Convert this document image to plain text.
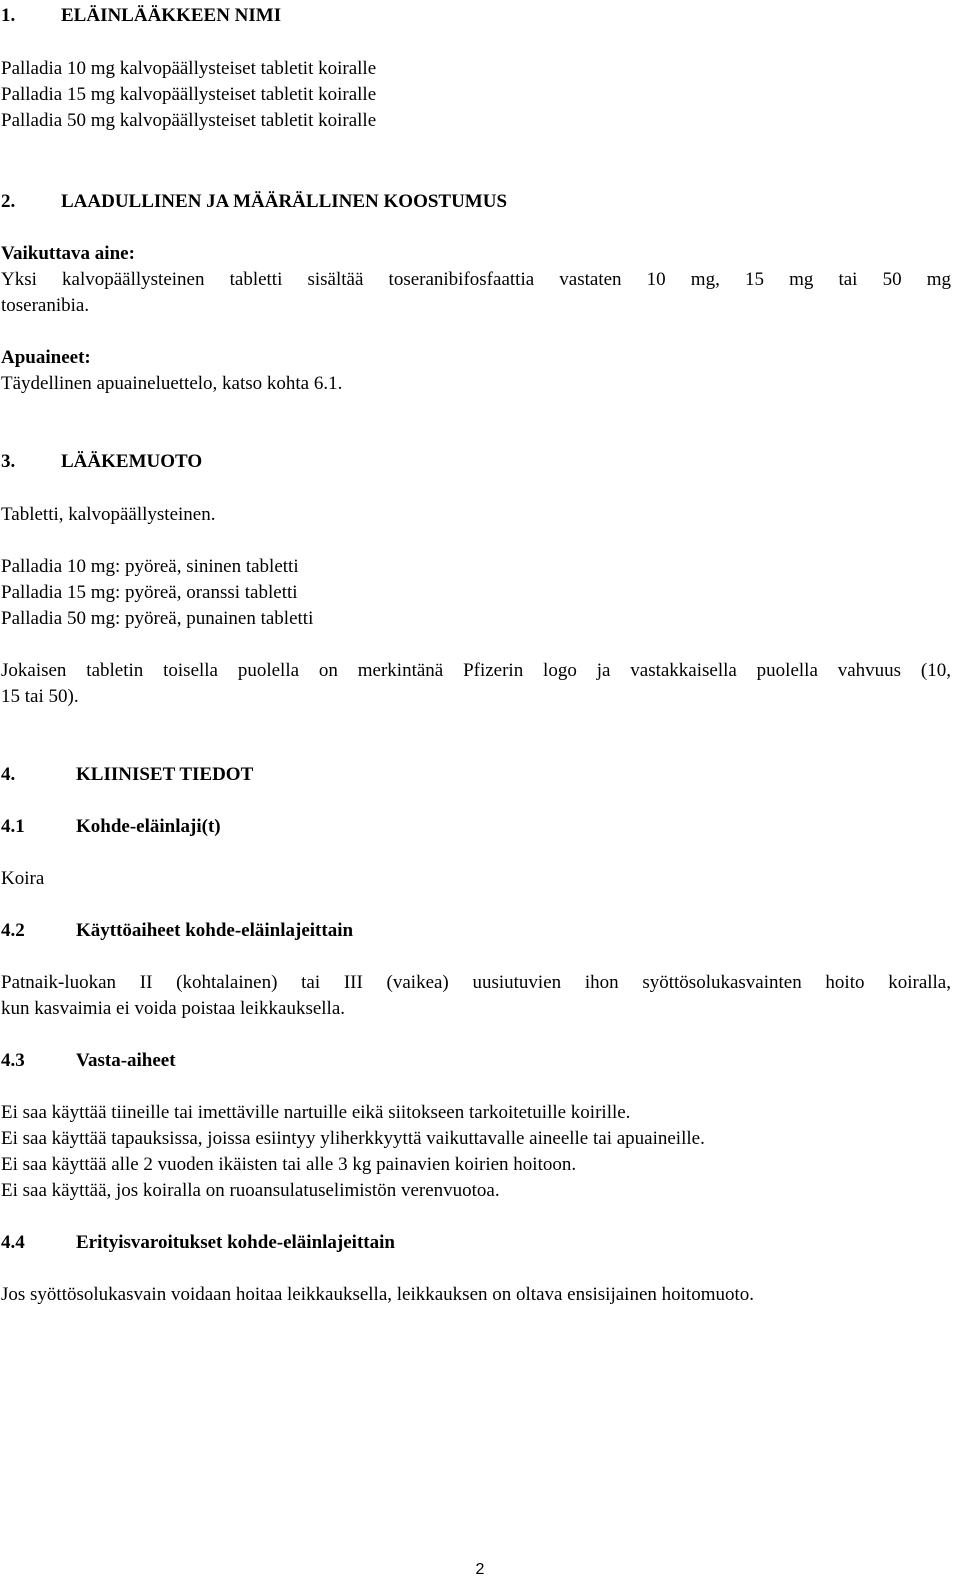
1.	ELÄINLÄÄKKEEN NIMI
Palladia 10 mg kalvopäällysteiset tabletit koiralle
Palladia 15 mg kalvopäällysteiset tabletit koiralle
Palladia 50 mg kalvopäällysteiset tabletit koiralle
2.	LAADULLINEN JA MÄÄRÄLLINEN KOOSTUMUS
Vaikuttava aine:
Yksi kalvopäällysteinen tabletti sisältää toseranibifosfaattia vastaten 10 mg, 15 mg tai 50 mg
toseranibia.
Apuaineet:
Täydellinen apuaineluettelo, katso kohta 6.1.
3.	LÄÄKEMUOTO
Tabletti, kalvopäällysteinen.
Palladia 10 mg: pyöreä, sininen tabletti
Palladia 15 mg: pyöreä, oranssi tabletti
Palladia 50 mg: pyöreä, punainen tabletti
Jokaisen tabletin toisella puolella on merkintänä Pfizerin logo ja vastakkaisella puolella vahvuus (10,
15 tai 50).
4.	KLIINISET TIEDOT
4.1	Kohde-eläinlaji(t)
Koira
4.2	Käyttöaiheet kohde-eläinlajeittain
Patnaik-luokan II (kohtalainen) tai III (vaikea) uusiutuvien ihon syöttösolukasvainten hoito koiralla,
kun kasvaimia ei voida poistaa leikkauksella.
4.3	Vasta-aiheet
Ei saa käyttää tiineille tai imettäville nartuille eikä siitokseen tarkoitetuille koirille.
Ei saa käyttää tapauksissa, joissa esiintyy yliherkkyyttä vaikuttavalle aineelle tai apuaineille.
Ei saa käyttää alle 2 vuoden ikäisten tai alle 3 kg painavien koirien hoitoon.
Ei saa käyttää, jos koiralla on ruoansulatuselimistön verenvuotoa.
4.4	Erityisvaroitukset kohde-eläinlajeittain
Jos syöttösolukasvain voidaan hoitaa leikkauksella, leikkauksen on oltava ensisijainen hoitomuoto.
2
